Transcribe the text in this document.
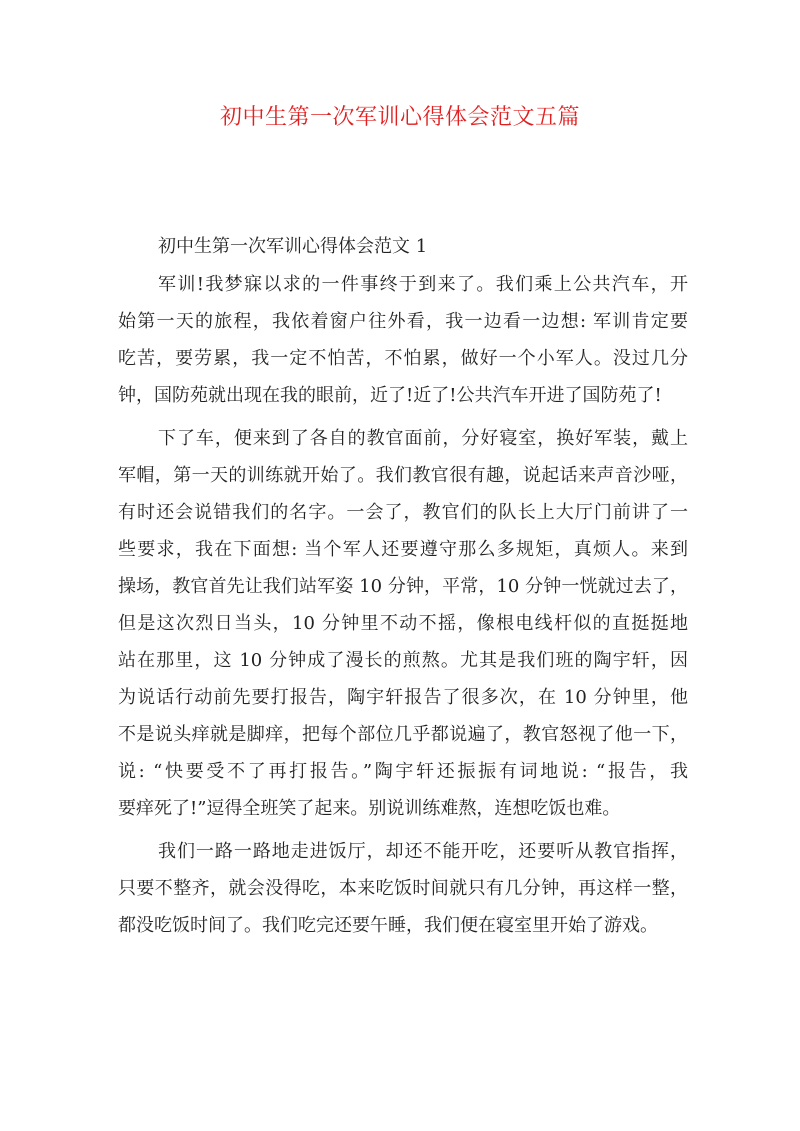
初中生第一次军训心得体会范文五篇
初中生第一次军训心得体会范文 1
军训!我梦寐以求的一件事终于到来了。我们乘上公共汽车，开
始第一天的旅程，我依着窗户往外看，我一边看一边想: 军训肯定要
吃苦，要劳累，我一定不怕苦，不怕累，做好一个小军人。没过几分
钟，国防苑就出现在我的眼前，近了!近了!公共汽车开进了国防苑了!
下了车，便来到了各自的教官面前，分好寝室，换好军装，戴上
军帽，第一天的训练就开始了。我们教官很有趣，说起话来声音沙哑，
有时还会说错我们的名字。一会了，教官们的队长上大厅门前讲了一
些要求，我在下面想: 当个军人还要遵守那么多规矩，真烦人。来到
操场，教官首先让我们站军姿 10 分钟，平常，10 分钟一恍就过去了，
但是这次烈日当头，10 分钟里不动不摇，像根电线杆似的直挺挺地
站在那里，这 10 分钟成了漫长的煎熬。尤其是我们班的陶宇轩，因
为说话行动前先要打报告，陶宇轩报告了很多次，在 10 分钟里，他
不是说头痒就是脚痒，把每个部位几乎都说遍了，教官怒视了他一下，
说: “快要受不了再打报告。”陶宇轩还振振有词地说: “报告，我
要痒死了!”逗得全班笑了起来。别说训练难熬，连想吃饭也难。
我们一路一路地走进饭厅，却还不能开吃，还要听从教官指挥，
只要不整齐，就会没得吃，本来吃饭时间就只有几分钟，再这样一整，
都没吃饭时间了。我们吃完还要午睡，我们便在寝室里开始了游戏。
